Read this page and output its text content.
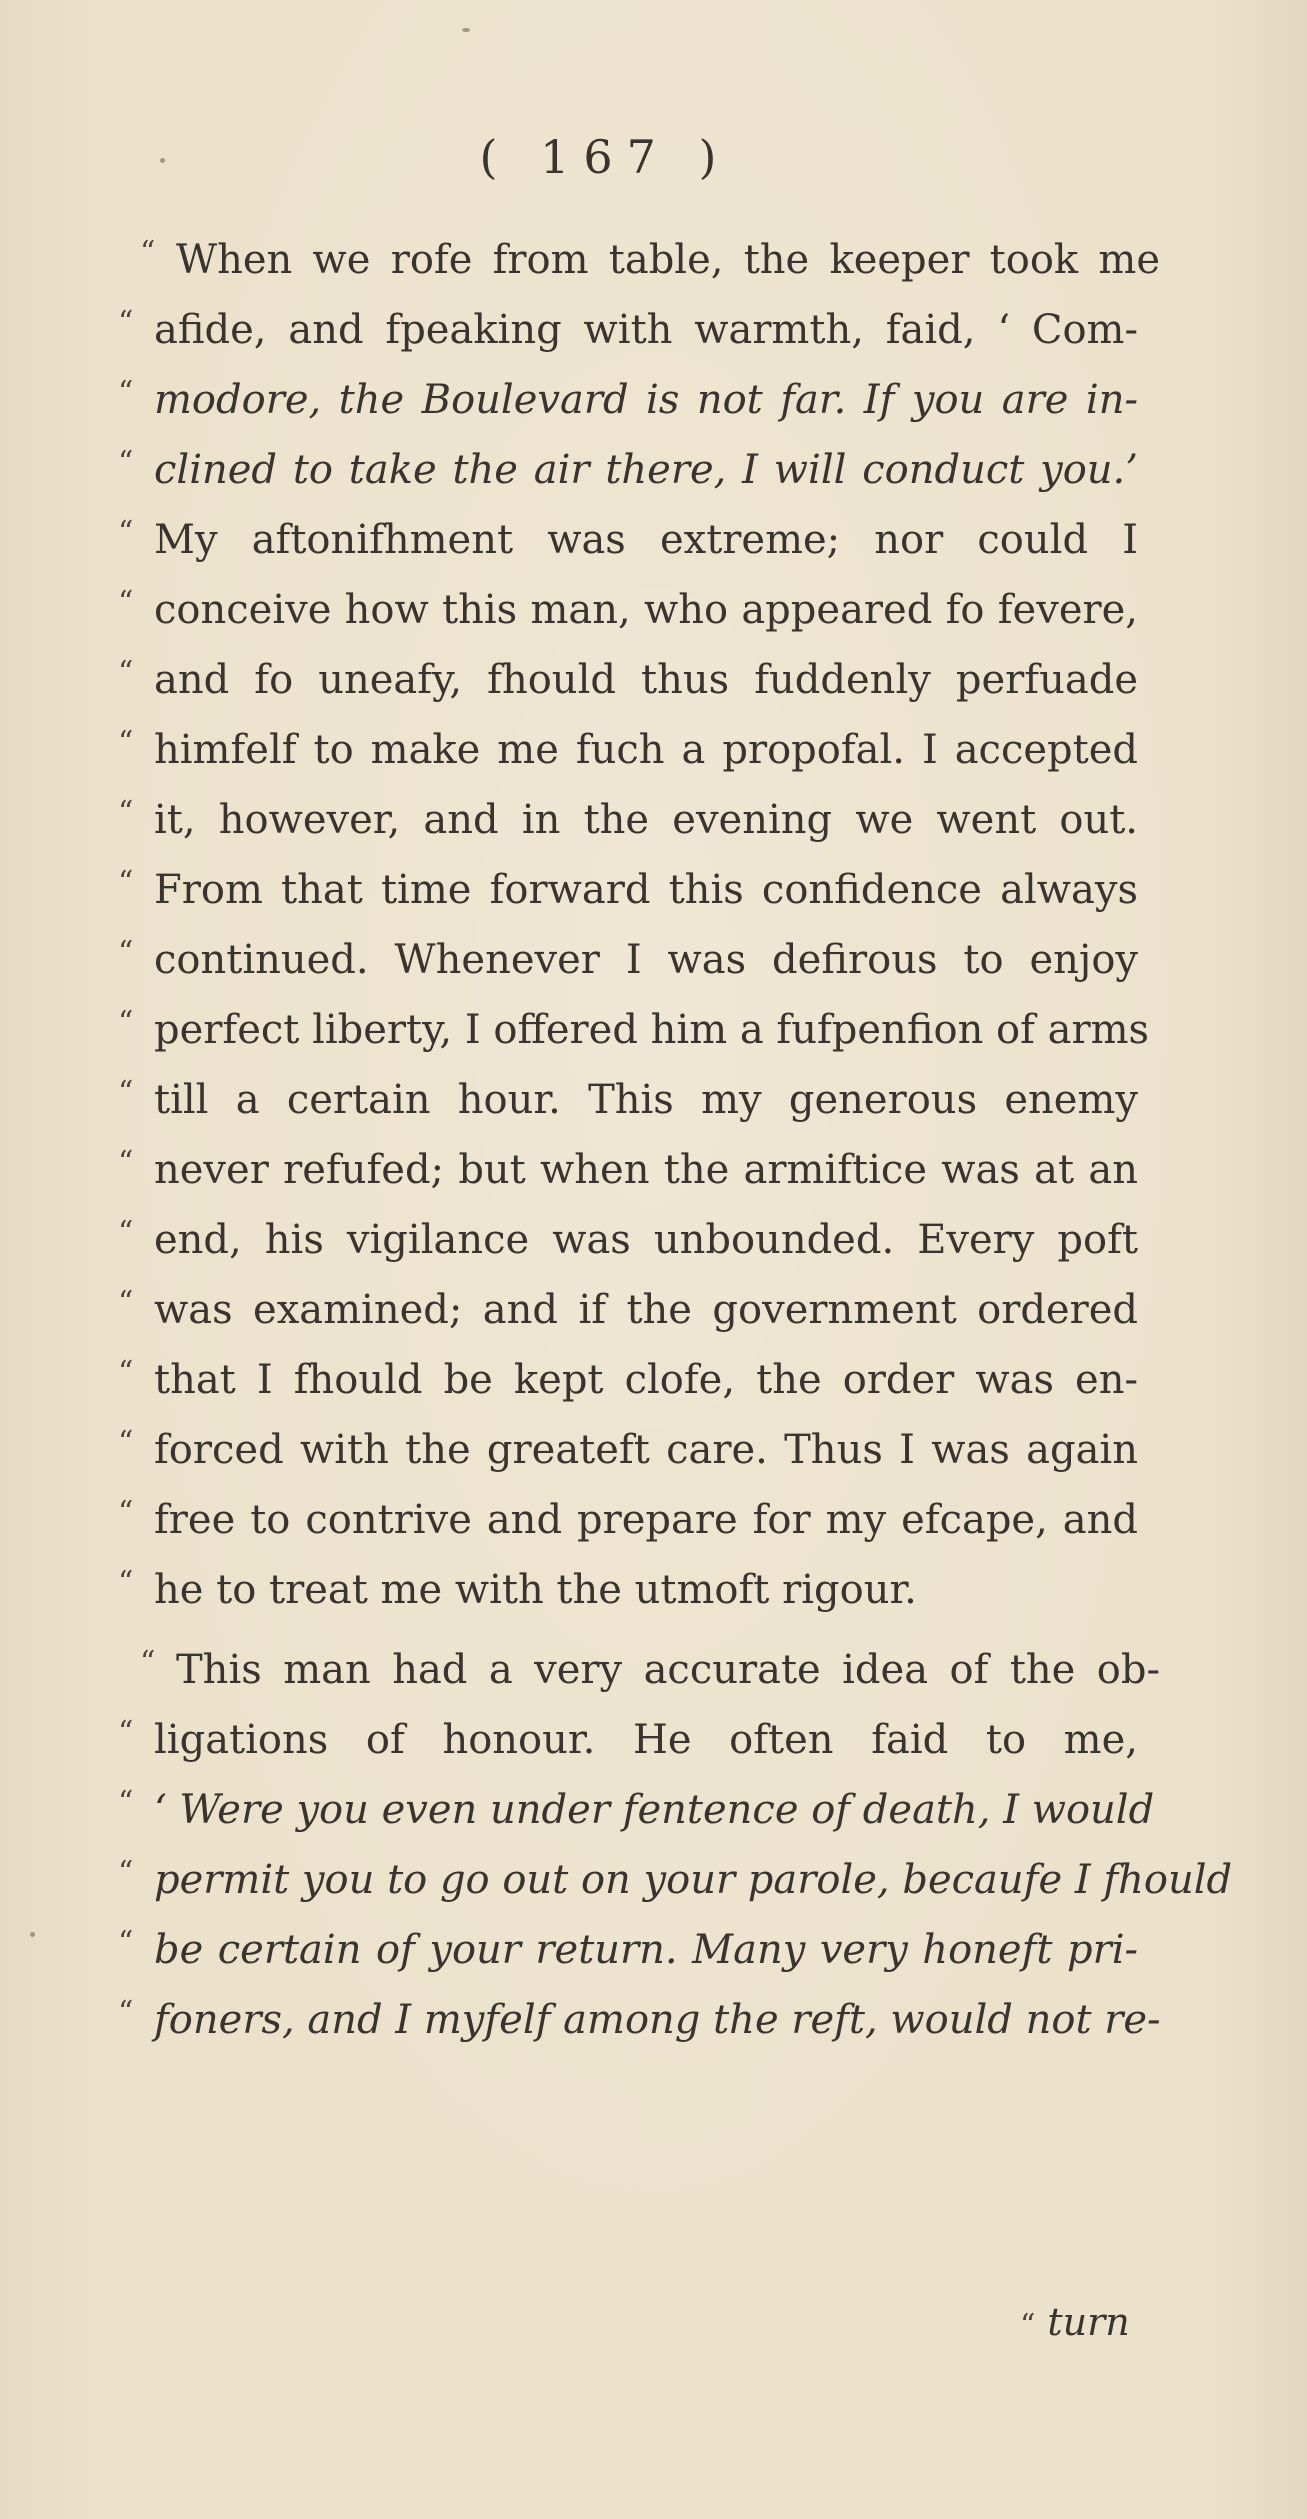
( 167 )
“ When we rofe from table, the keeper took me
“ afide, and fpeaking with warmth, faid, ‘ Com-
“ modore, the Boulevard is not far. If you are in-
“ clined to take the air there, I will conduct you.’
“ My aftonifhment was extreme; nor could I
“ conceive how this man, who appeared fo fevere,
“ and fo uneafy, fhould thus fuddenly perfuade
“ himfelf to make me fuch a propofal. I accepted
“ it, however, and in the evening we went out.
“ From that time forward this confidence always
“ continued. Whenever I was defirous to enjoy
“ perfect liberty, I offered him a fufpenfion of arms
“ till a certain hour. This my generous enemy
“ never refufed; but when the armiftice was at an
“ end, his vigilance was unbounded. Every poft
“ was examined; and if the government ordered
“ that I fhould be kept clofe, the order was en-
“ forced with the greateft care. Thus I was again
“ free to contrive and prepare for my efcape, and
“ he to treat me with the utmoft rigour.
“ This man had a very accurate idea of the ob-
“ ligations of honour. He often faid to me,
“ ‘ Were you even under fentence of death, I would
“ permit you to go out on your parole, becaufe I fhould
“ be certain of your return. Many very honeft pri-
“ foners, and I myfelf among the reft, would not re-
“ turn
